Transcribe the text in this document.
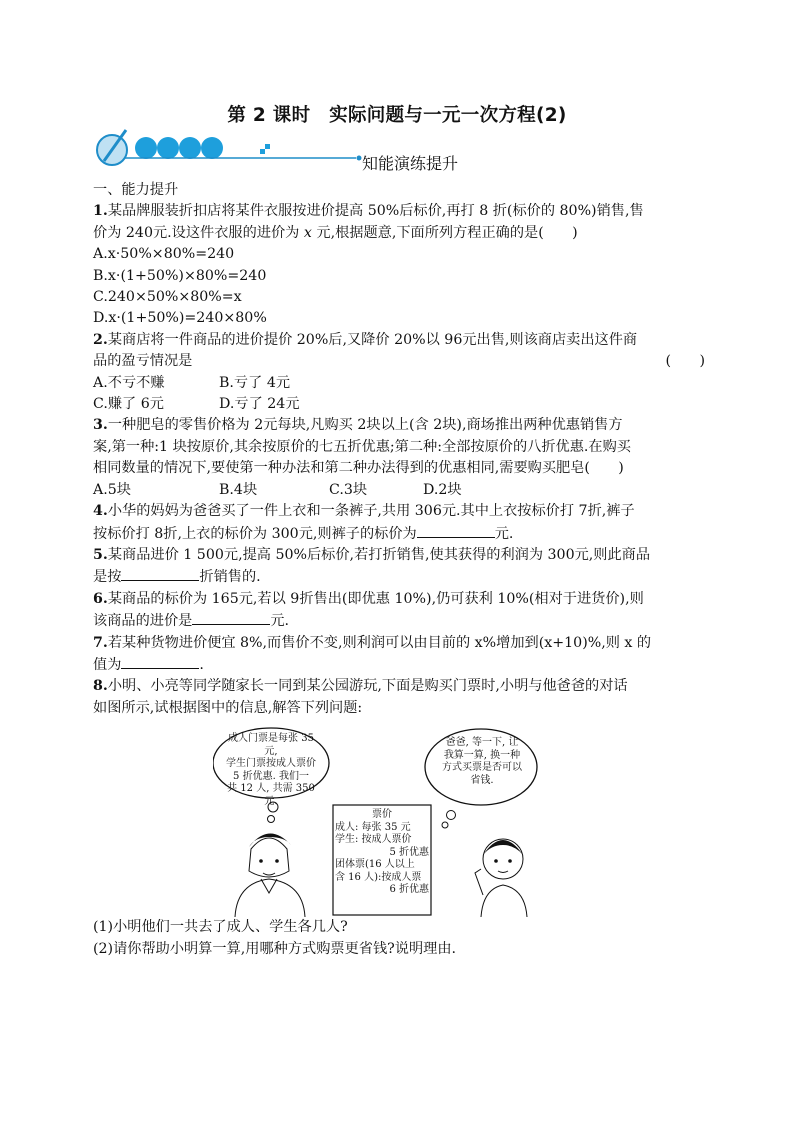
第 2 课时　实际问题与一元一次方程(2)
知能演练提升

一、能力提升

1.某品牌服装折扣店将某件衣服按进价提高 50%后标价,再打 8 折(标价的 80%)销售,售

价为 240元.设这件衣服的进价为 x 元,根据题意,下面所列方程正确的是(　　)

A.x·50%×80%=240

B.x·(1+50%)×80%=240

C.240×50%×80%=x

D.x·(1+50%)=240×80%

2.某商店将一件商品的进价提价 20%后,又降价 20%以 96元出售,则该商店卖出这件商

品的盈亏情况是	(　　)

A.不亏不赚	B.亏了 4元

C.赚了 6元	D.亏了 24元

3.一种肥皂的零售价格为 2元每块,凡购买 2块以上(含 2块),商场推出两种优惠销售方

案,第一种:1 块按原价,其余按原价的七五折优惠;第二种:全部按原价的八折优惠.在购买

相同数量的情况下,要使第一种办法和第二种办法得到的优惠相同,需要购买肥皂(　　)

A.5块	B.4块	C.3块	D.2块

4.小华的妈妈为爸爸买了一件上衣和一条裤子,共用 306元.其中上衣按标价打 7折,裤子

按标价打 8折,上衣的标价为 300元,则裤子的标价为	元.

5.某商品进价 1 500元,提高 50%后标价,若打折销售,使其获得的利润为 300元,则此商品

是按	折销售的.

6.某商品的标价为 165元,若以 9折售出(即优惠 10%),仍可获利 10%(相对于进货价),则

该商品的进价是	元.

7.若某种货物进价便宜 8%,而售价不变,则利润可以由目前的 x%增加到(x+10)%,则 x 的

值为	.

8.小明、小亮等同学随家长一同到某公园游玩,下面是购买门票时,小明与他爸爸的对话

如图所示,试根据图中的信息,解答下列问题:

成人门票是每张 35 元,
学生门票按成人票价
5 折优惠. 我们一
共 12 人, 共需 350 元.
爸爸, 等一下, 让
我算一算, 换一种
方式买票是否可以
省钱.
票价
成人: 每张 35 元
学生: 按成人票价
5 折优惠
团体票(16 人以上
含 16 人):按成人票
6 折优惠

(1)小明他们一共去了成人、学生各几人?

(2)请你帮助小明算一算,用哪种方式购票更省钱?说明理由.
